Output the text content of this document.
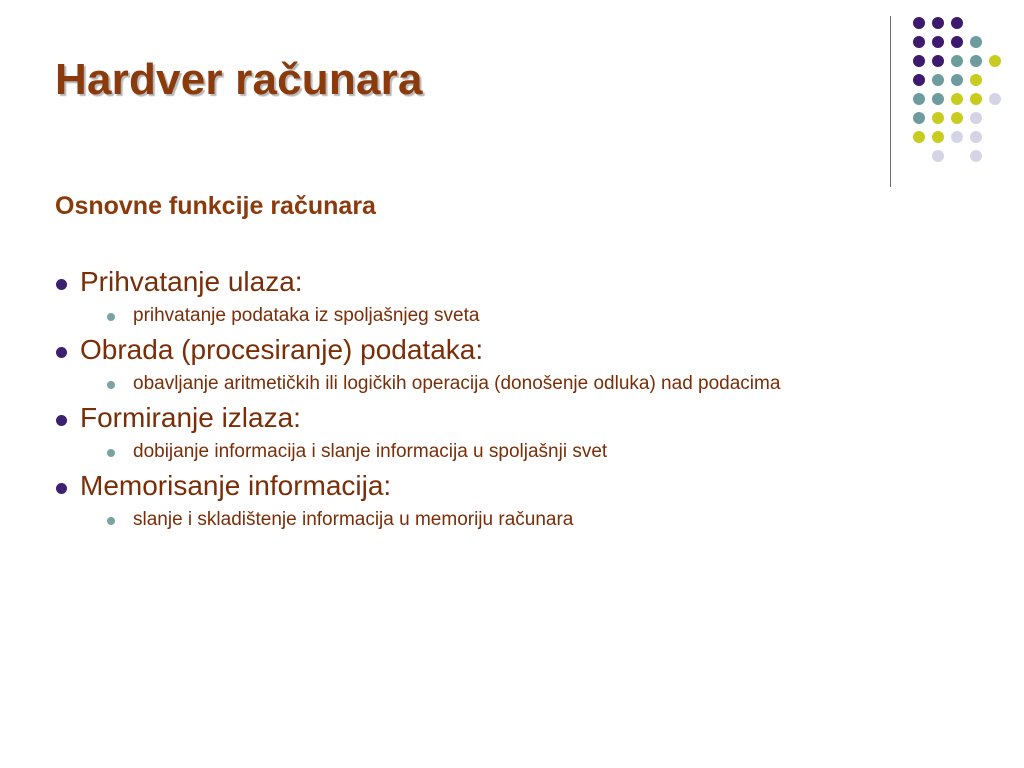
Hardver računara
Osnovne funkcije računara
Prihvatanje ulaza:
prihvatanje podataka iz spoljašnjeg sveta
Obrada (procesiranje) podataka:
obavljanje aritmetičkih ili logičkih operacija (donošenje odluka) nad podacima
Formiranje izlaza:
dobijanje informacija i slanje informacija u spoljašnji svet
Memorisanje informacija:
slanje i skladištenje informacija u memoriju računara
